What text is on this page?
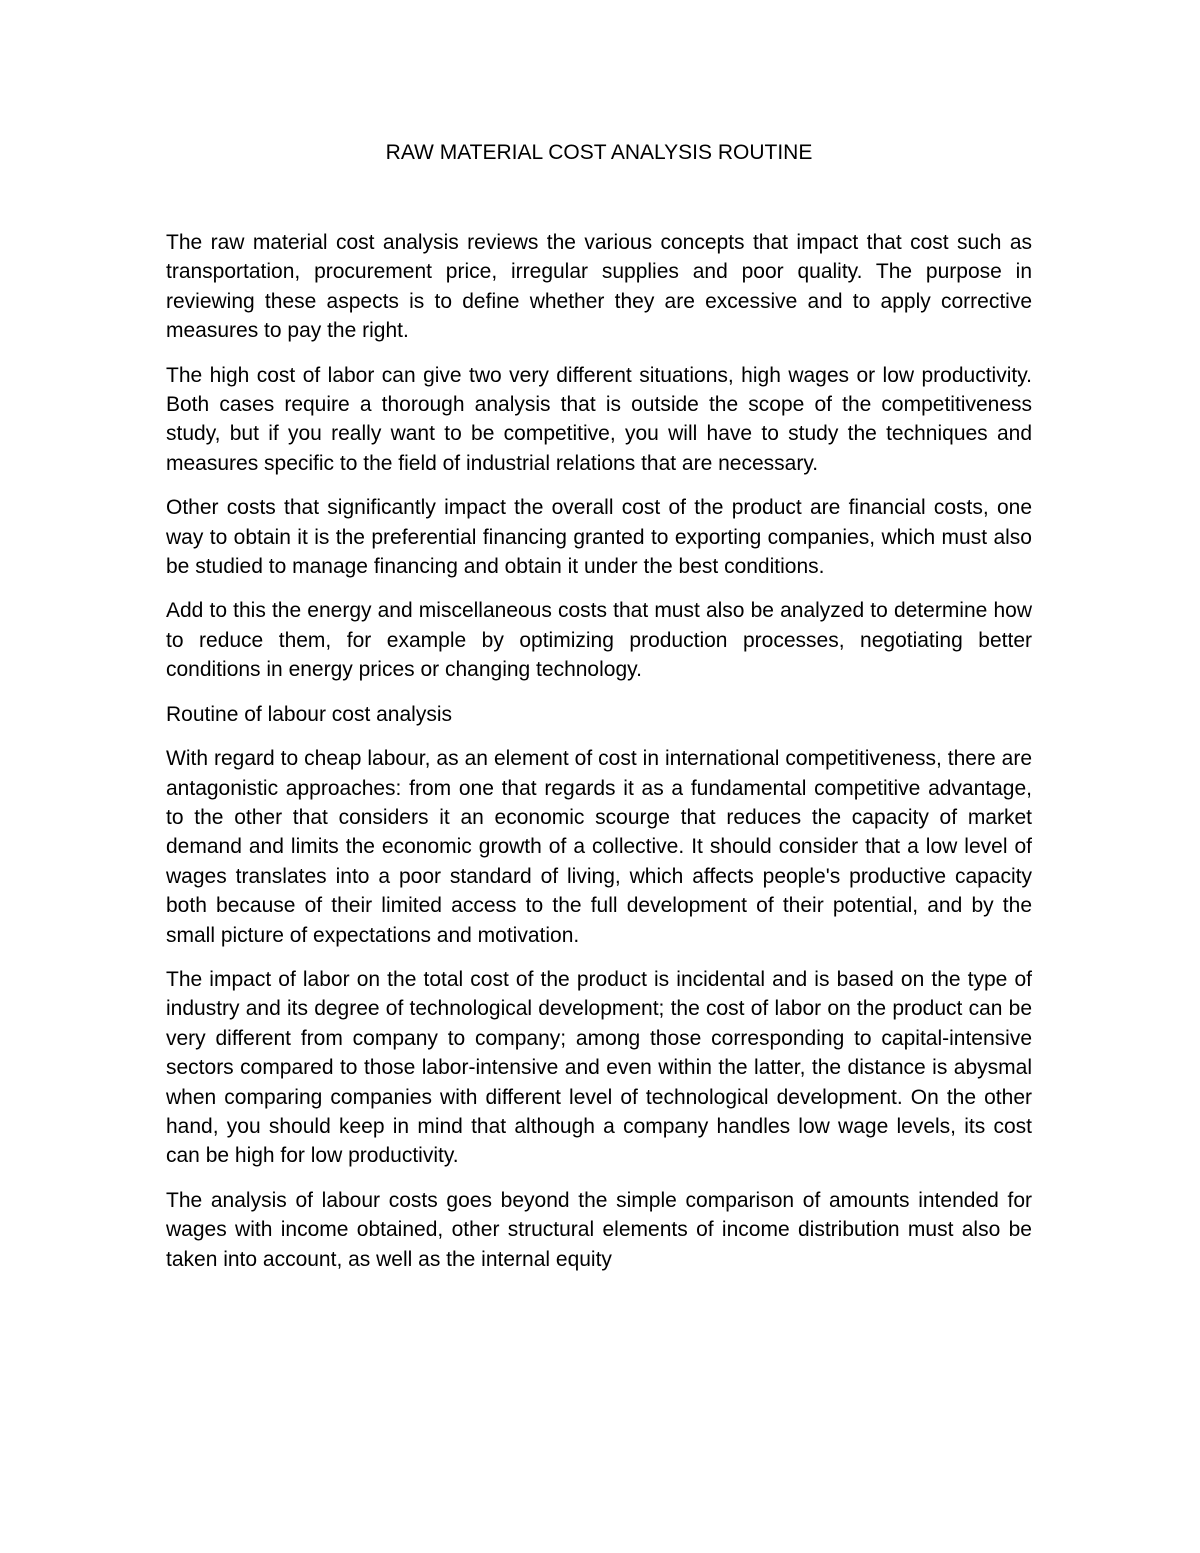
RAW MATERIAL COST ANALYSIS ROUTINE

The raw material cost analysis reviews the various concepts that impact that cost such as transportation, procurement price, irregular supplies and poor quality. The purpose in reviewing these aspects is to define whether they are excessive and to apply corrective measures to pay the right.

The high cost of labor can give two very different situations, high wages or low productivity. Both cases require a thorough analysis that is outside the scope of the competitiveness study, but if you really want to be competitive, you will have to study the techniques and measures specific to the field of industrial relations that are necessary.

Other costs that significantly impact the overall cost of the product are financial costs, one way to obtain it is the preferential financing granted to exporting companies, which must also be studied to manage financing and obtain it under the best conditions.

Add to this the energy and miscellaneous costs that must also be analyzed to determine how to reduce them, for example by optimizing production processes, negotiating better conditions in energy prices or changing technology.

Routine of labour cost analysis

With regard to cheap labour, as an element of cost in international competitiveness, there are antagonistic approaches: from one that regards it as a fundamental competitive advantage, to the other that considers it an economic scourge that reduces the capacity of market demand and limits the economic growth of a collective. It should consider that a low level of wages translates into a poor standard of living, which affects people's productive capacity both because of their limited access to the full development of their potential, and by the small picture of expectations and motivation.

The impact of labor on the total cost of the product is incidental and is based on the type of industry and its degree of technological development; the cost of labor on the product can be very different from company to company; among those corresponding to capital-intensive sectors compared to those labor-intensive and even within the latter, the distance is abysmal when comparing companies with different level of technological development. On the other hand, you should keep in mind that although a company handles low wage levels, its cost can be high for low productivity.

The analysis of labour costs goes beyond the simple comparison of amounts intended for wages with income obtained, other structural elements of income distribution must also be taken into account, as well as the internal equity
